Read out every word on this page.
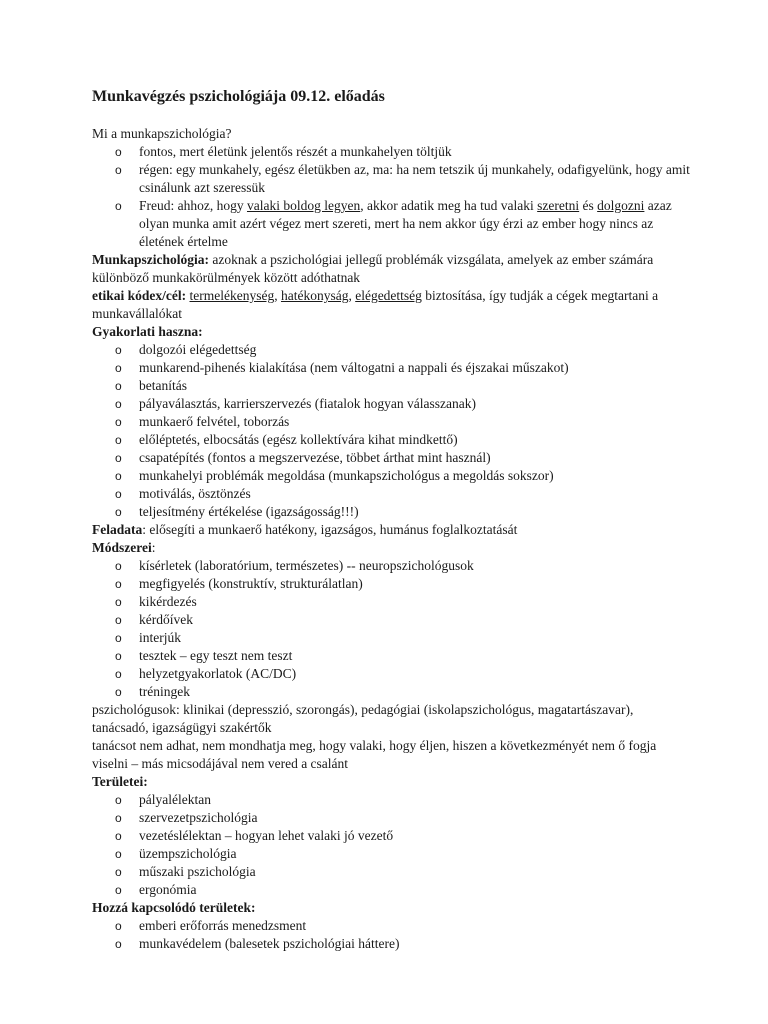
Munkavégzés pszichológiája 09.12. előadás

Mi a munkapszichológia?

o fontos, mert életünk jelentős részét a munkahelyen töltjük
o régen: egy munkahely, egész életükben az, ma: ha nem tetszik új munkahely, odafigyelünk, hogy amit csinálunk azt szeressük
o Freud: ahhoz, hogy valaki boldog legyen, akkor adatik meg ha tud valaki szeretni és dolgozni azaz olyan munka amit azért végez mert szereti, mert ha nem akkor úgy érzi az ember hogy nincs az életének értelme

Munkapszichológia: azoknak a pszichológiai jellegű problémák vizsgálata, amelyek az ember számára különböző munkakörülmények között adóthatnak

etikai kódex/cél: termelékenység, hatékonyság, elégedettség biztosítása, így tudják a cégek megtartani a munkavállalókat

Gyakorlati haszna:

o dolgozói elégedettség
o munkarend-pihenés kialakítása (nem váltogatni a nappali és éjszakai műszakot)
o betanítás
o pályaválasztás, karrierszervezés (fiatalok hogyan válasszanak)
o munkaerő felvétel, toborzás
o előléptetés, elbocsátás (egész kollektívára kihat mindkettő)
o csapatépítés (fontos a megszervezése, többet árthat mint használ)
o munkahelyi problémák megoldása (munkapszichológus a megoldás sokszor)
o motiválás, ösztönzés
o teljesítmény értékelése (igazságosság!!!)

Feladata: elősegíti a munkaerő hatékony, igazságos, humánus foglalkoztatását

Módszerei:

o kísérletek (laboratórium, természetes) -- neuropszichológusok
o megfigyelés (konstruktív, strukturálatlan)
o kikérdezés
o kérdőívek
o interjúk
o tesztek – egy teszt nem teszt
o helyzetgyakorlatok (AC/DC)
o tréningek

pszichológusok: klinikai (depresszió, szorongás), pedagógiai (iskolapszichológus, magatartászavar), tanácsadó, igazságügyi szakértők

tanácsot nem adhat, nem mondhatja meg, hogy valaki, hogy éljen, hiszen a következményét nem ő fogja viselni – más micsodájával nem vered a csalánt

Területei:

o pályalélektan
o szervezetpszichológia
o vezetéslélektan – hogyan lehet valaki jó vezető
o üzempszichológia
o műszaki pszichológia
o ergonómia

Hozzá kapcsolódó területek:

o emberi erőforrás menedzsment
o munkavédelem (balesetek pszichológiai háttere)
